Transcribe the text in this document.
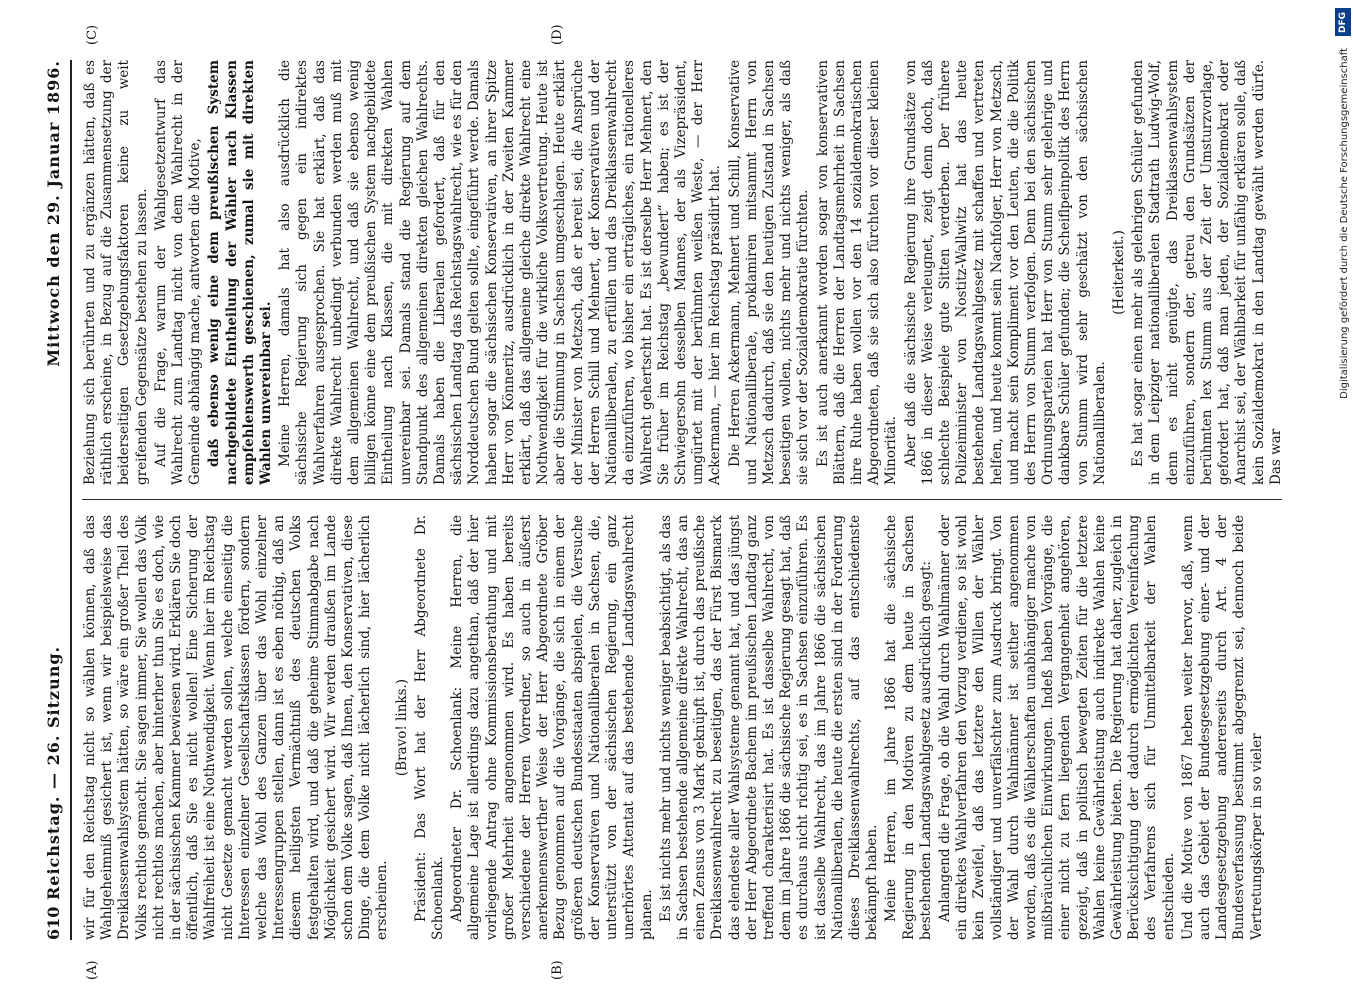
610
Reichstag. — 26. Sitzung.
Mittwoch den 29. Januar 1896.
(A)	(B)
(C)	(D)

wir für den Reichstag nicht so wählen können, daß das Wahlgeheimniß gesichert ist, wenn wir beispielsweise das Dreiklassenwahlsystem hätten, so wäre ein großer Theil des Volks rechtlos gemacht. Sie sagen immer, Sie wollen das Volk nicht rechtlos machen, aber hinterher thun Sie es doch, wie in der sächsischen Kammer bewiesen wird. Erklären Sie doch öffentlich, daß Sie es nicht wollen! Eine Sicherung der Wahlfreiheit ist eine Nothwendigkeit. Wenn hier im Reichstag nicht Gesetze gemacht werden sollen, welche einseitig die Interessen einzelner Gesellschaftsklassen fördern, sondern welche das Wohl des Ganzen über das Wohl einzelner Interessengruppen stellen, dann ist es eben nöthig, daß an diesem heiligsten Vermächtniß des deutschen Volks festgehalten wird, und daß die geheime Stimmabgabe nach Möglichkeit gesichert wird. Wir werden draußen im Lande schon dem Volke sagen, daß Ihnen, den Konservativen, diese Dinge, die dem Volke nicht lächerlich sind, hier lächerlich erscheinen.

(Bravo! links.) Präsident: Das Wort hat der Herr Abgeordnete Dr. Schoenlank. Abgeordneter Dr. Schoenlank: Meine Herren, die allgemeine Lage ist allerdings dazu angethan, daß der hier vorliegende Antrag ohne Kommissionsberathung und mit großer Mehrheit angenommen wird. Es haben bereits verschiedene der Herren Vorredner, so auch in äußerst anerkennenswerther Weise der Herr Abgeordnete Gröber Bezug genommen auf die Vorgänge, die sich in einem der größeren deutschen Bundesstaaten abspielen, die Versuche der Konservativen und Nationalliberalen in Sachsen, die, unterstützt von der sächsischen Regierung, ein ganz unerhörtes Attentat auf das bestehende Landtagswahlrecht planen. Es ist nichts mehr und nichts weniger beabsichtigt, als das in Sachsen bestehende allgemeine direkte Wahlrecht, das an einen Zensus von 3 Mark geknüpft ist, durch das preußische Dreiklassenwahlrecht zu beseitigen, das der Fürst Bismarck das elendeste aller Wahlsysteme genannt hat, und das jüngst der Herr Abgeordnete Bachem im preußischen Landtag ganz treffend charakterisirt hat. Es ist dasselbe Wahlrecht, von dem im Jahre 1866 die sächsische Regierung gesagt hat, daß es durchaus nicht richtig sei, es in Sachsen einzuführen. Es ist dasselbe Wahlrecht, das im Jahre 1866 die sächsischen Nationalliberalen, die heute die ersten sind in der Forderung dieses Dreiklassenwahlrechts, auf das entschiedenste bekämpft haben. Meine Herren, im Jahre 1866 hat die sächsische Regierung in den Motiven zu dem heute in Sachsen bestehenden Landtagswahlgesetz ausdrücklich gesagt: Anlangend die Frage, ob die Wahl durch Wahlmänner oder ein direktes Wahlverfahren den Vorzug verdiene, so ist wohl kein Zweifel, daß das letztere den Willen der Wähler vollständiger und unverfälschter zum Ausdruck bringt. Von der Wahl durch Wahlmänner ist seither angenommen worden, daß es die Wählerschaften unabhängiger mache von mißbräuchlichen Einwirkungen. Indeß haben Vorgänge, die einer nicht zu fern liegenden Vergangenheit angehören, gezeigt, daß in politisch bewegten Zeiten für die letztere Wahlen keine Gewährleistung auch indirekte Wahlen keine Gewährleistung bieten. Die Regierung hat daher, zugleich in Berücksichtigung der dadurch ermöglichten Vereinfachung des Verfahrens sich für Unmittelbarkeit der Wahlen entschieden. Und die Motive von 1867 heben weiter hervor, daß, wenn auch das Gebiet der Bundesgesetzgebung einer- und der Landesgesetzgebung andererseits durch Art. 4 der Bundesverfassung bestimmt abgegrenzt sei, dennoch beide Vertretungskörper in so vieler

Beziehung sich berührten und zu ergänzen hätten, daß es räthlich erscheine, in Bezug auf die Zusammensetzung der beiderseitigen Gesetzgebungsfaktoren keine zu weit greifenden Gegensätze bestehen zu lassen. Auf die Frage, warum der Wahlgesetzentwurf das Wahlrecht zum Landtag nicht von dem Wahlrecht in der Gemeinde abhängig mache, antworten die Motive, daß ebenso wenig eine dem preußischen System nachgebildete Eintheilung der Wähler nach Klassen empfehlenswerth geschienen, zumal sie mit direkten Wahlen unvereinbar sei. Meine Herren, damals hat also ausdrücklich die sächsische Regierung sich gegen ein indirektes Wahlverfahren ausgesprochen. Sie hat erklärt, daß das direkte Wahlrecht unbedingt verbunden werden muß mit dem allgemeinen Wahlrecht, und daß sie ebenso wenig billigen könne eine dem preußischen System nachgebildete Eintheilung nach Klassen, die mit direkten Wahlen unvereinbar sei. Damals stand die Regierung auf dem Standpunkt des allgemeinen direkten gleichen Wahlrechts. Damals haben die Liberalen gefordert, daß für den sächsischen Landtag das Reichstagswahlrecht, wie es für den Norddeutschen Bund gelten sollte, eingeführt werde. Damals haben sogar die sächsischen Konservativen, an ihrer Spitze Herr von Könneritz, ausdrücklich in der Zweiten Kammer erklärt, daß das allgemeine gleiche direkte Wahlrecht eine Nothwendigkeit für die wirkliche Volksvertretung. Heute ist aber die Stimmung in Sachsen umgeschlagen. Heute erklärt der Minister von Metzsch, daß er bereit sei, die Ansprüche der Herren Schill und Mehnert, der Konservativen und der Nationalliberalen, zu erfüllen und das Dreiklassenwahlrecht da einzuführen, wo bisher ein erträgliches, ein rationelleres Wahlrecht gehertscht hat. Es ist derselbe Herr Mehnert, den Sie früher im Reichstag „bewundert“ haben; es ist der Schwiegersohn desselben Mannes, der als Vizepräsident, umgürtet mit der berühmten weißen Weste, — der Herr Ackermann, — hier im Reichstag präsidirt hat. Die Herren Ackermann, Mehnert und Schill, Konservative und Nationalliberale, proklamiren mitsammt Herrn von Metzsch dadurch, daß sie den heutigen Zustand in Sachsen beseitigen wollen, nichts mehr und nichts weniger, als daß sie sich vor der Sozialdemokratie fürchten. Es ist auch anerkannt worden sogar von konservativen Blättern, daß die Herren der Landtagsmehrheit in Sachsen ihre Ruhe haben wollen vor den 14 sozialdemokratischen Abgeordneten, daß sie sich also fürchten vor dieser kleinen Minorität. Aber daß die sächsische Regierung ihre Grundsätze von 1866 in dieser Weise verleugnet, zeigt denn doch, daß schlechte Beispiele gute Sitten verderben. Der frühere Polizeiminister von Nostitz-Wallwitz hat das heute bestehende Landtagswahlgesetz mit schaffen und vertreten helfen, und heute kommt sein Nachfolger, Herr von Metzsch, und macht sein Kompliment vor den Leuten, die die Politik des Herrn von Stumm verfolgen. Denn bei den sächsischen Ordnungsparteien hat Herr von Stumm sehr gelehrige und dankbare Schüler gefunden; die Scheiflpeinpolitik des Herrn von Stumm wird sehr geschätzt von den sächsischen Nationalliberalen.

(Heiterkeit.) Es hat sogar einen mehr als gelehrigen Schüler gefunden in dem Leipziger nationalliberalen Stadtrath Ludwig-Wolf, denn es nicht genügte, das Dreiklassenwahlsystem einzuführen, sondern der, getreu den Grundsätzen der berühmten lex Stumm aus der Zeit der Umsturzvorlage, gefordert hat, daß man jeden, der Sozialdemokrat oder Anarchist sei, der Wählbarkeit für unfähig erklären solle, daß kein Sozialdemokrat in den Landtag gewählt werden dürfe. Das war

DFG
Digitalisierung gefördert durch die Deutsche Forschungsgemeinschaft
